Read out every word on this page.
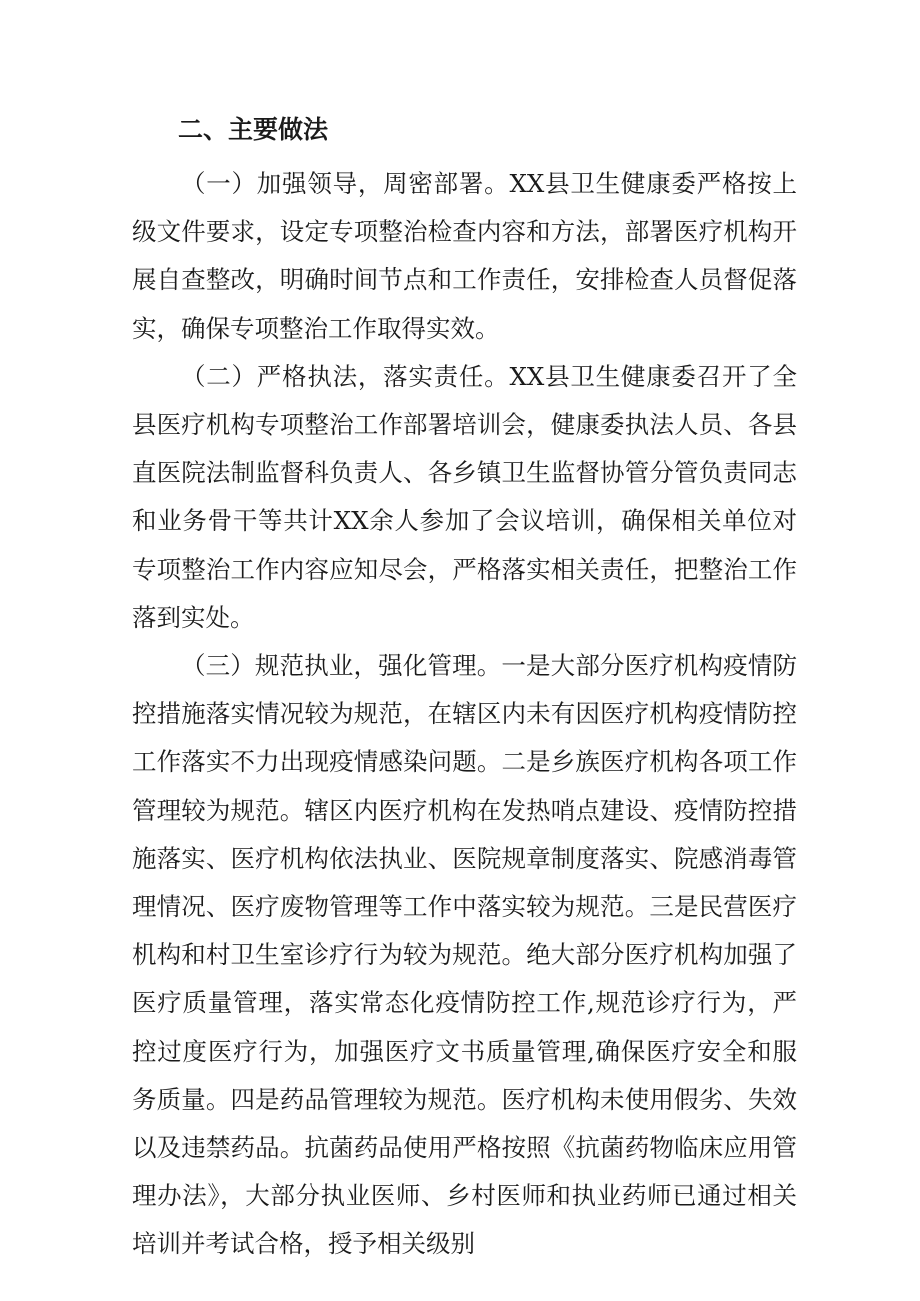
二、主要做法

（一）加强领导，周密部署。XX县卫生健康委严格按上级文件要求，设定专项整治检查内容和方法，部署医疗机构开展自查整改，明确时间节点和工作责任，安排检查人员督促落实，确保专项整治工作取得实效。

（二）严格执法，落实责任。XX县卫生健康委召开了全县医疗机构专项整治工作部署培训会，健康委执法人员、各县直医院法制监督科负责人、各乡镇卫生监督协管分管负责同志和业务骨干等共计XX余人参加了会议培训，确保相关单位对专项整治工作内容应知尽会，严格落实相关责任，把整治工作落到实处。

（三）规范执业，强化管理。一是大部分医疗机构疫情防控措施落实情况较为规范，在辖区内未有因医疗机构疫情防控工作落实不力出现疫情感染问题。二是乡族医疗机构各项工作管理较为规范。辖区内医疗机构在发热哨点建设、疫情防控措施落实、医疗机构依法执业、医院规章制度落实、院感消毒管理情况、医疗废物管理等工作中落实较为规范。三是民营医疗机构和村卫生室诊疗行为较为规范。绝大部分医疗机构加强了医疗质量管理，落实常态化疫情防控工作,规范诊疗行为，严控过度医疗行为，加强医疗文书质量管理,确保医疗安全和服务质量。四是药品管理较为规范。医疗机构未使用假劣、失效以及违禁药品。抗菌药品使用严格按照《抗菌药物临床应用管理办法》，大部分执业医师、乡村医师和执业药师已通过相关培训并考试合格，授予相关级别
